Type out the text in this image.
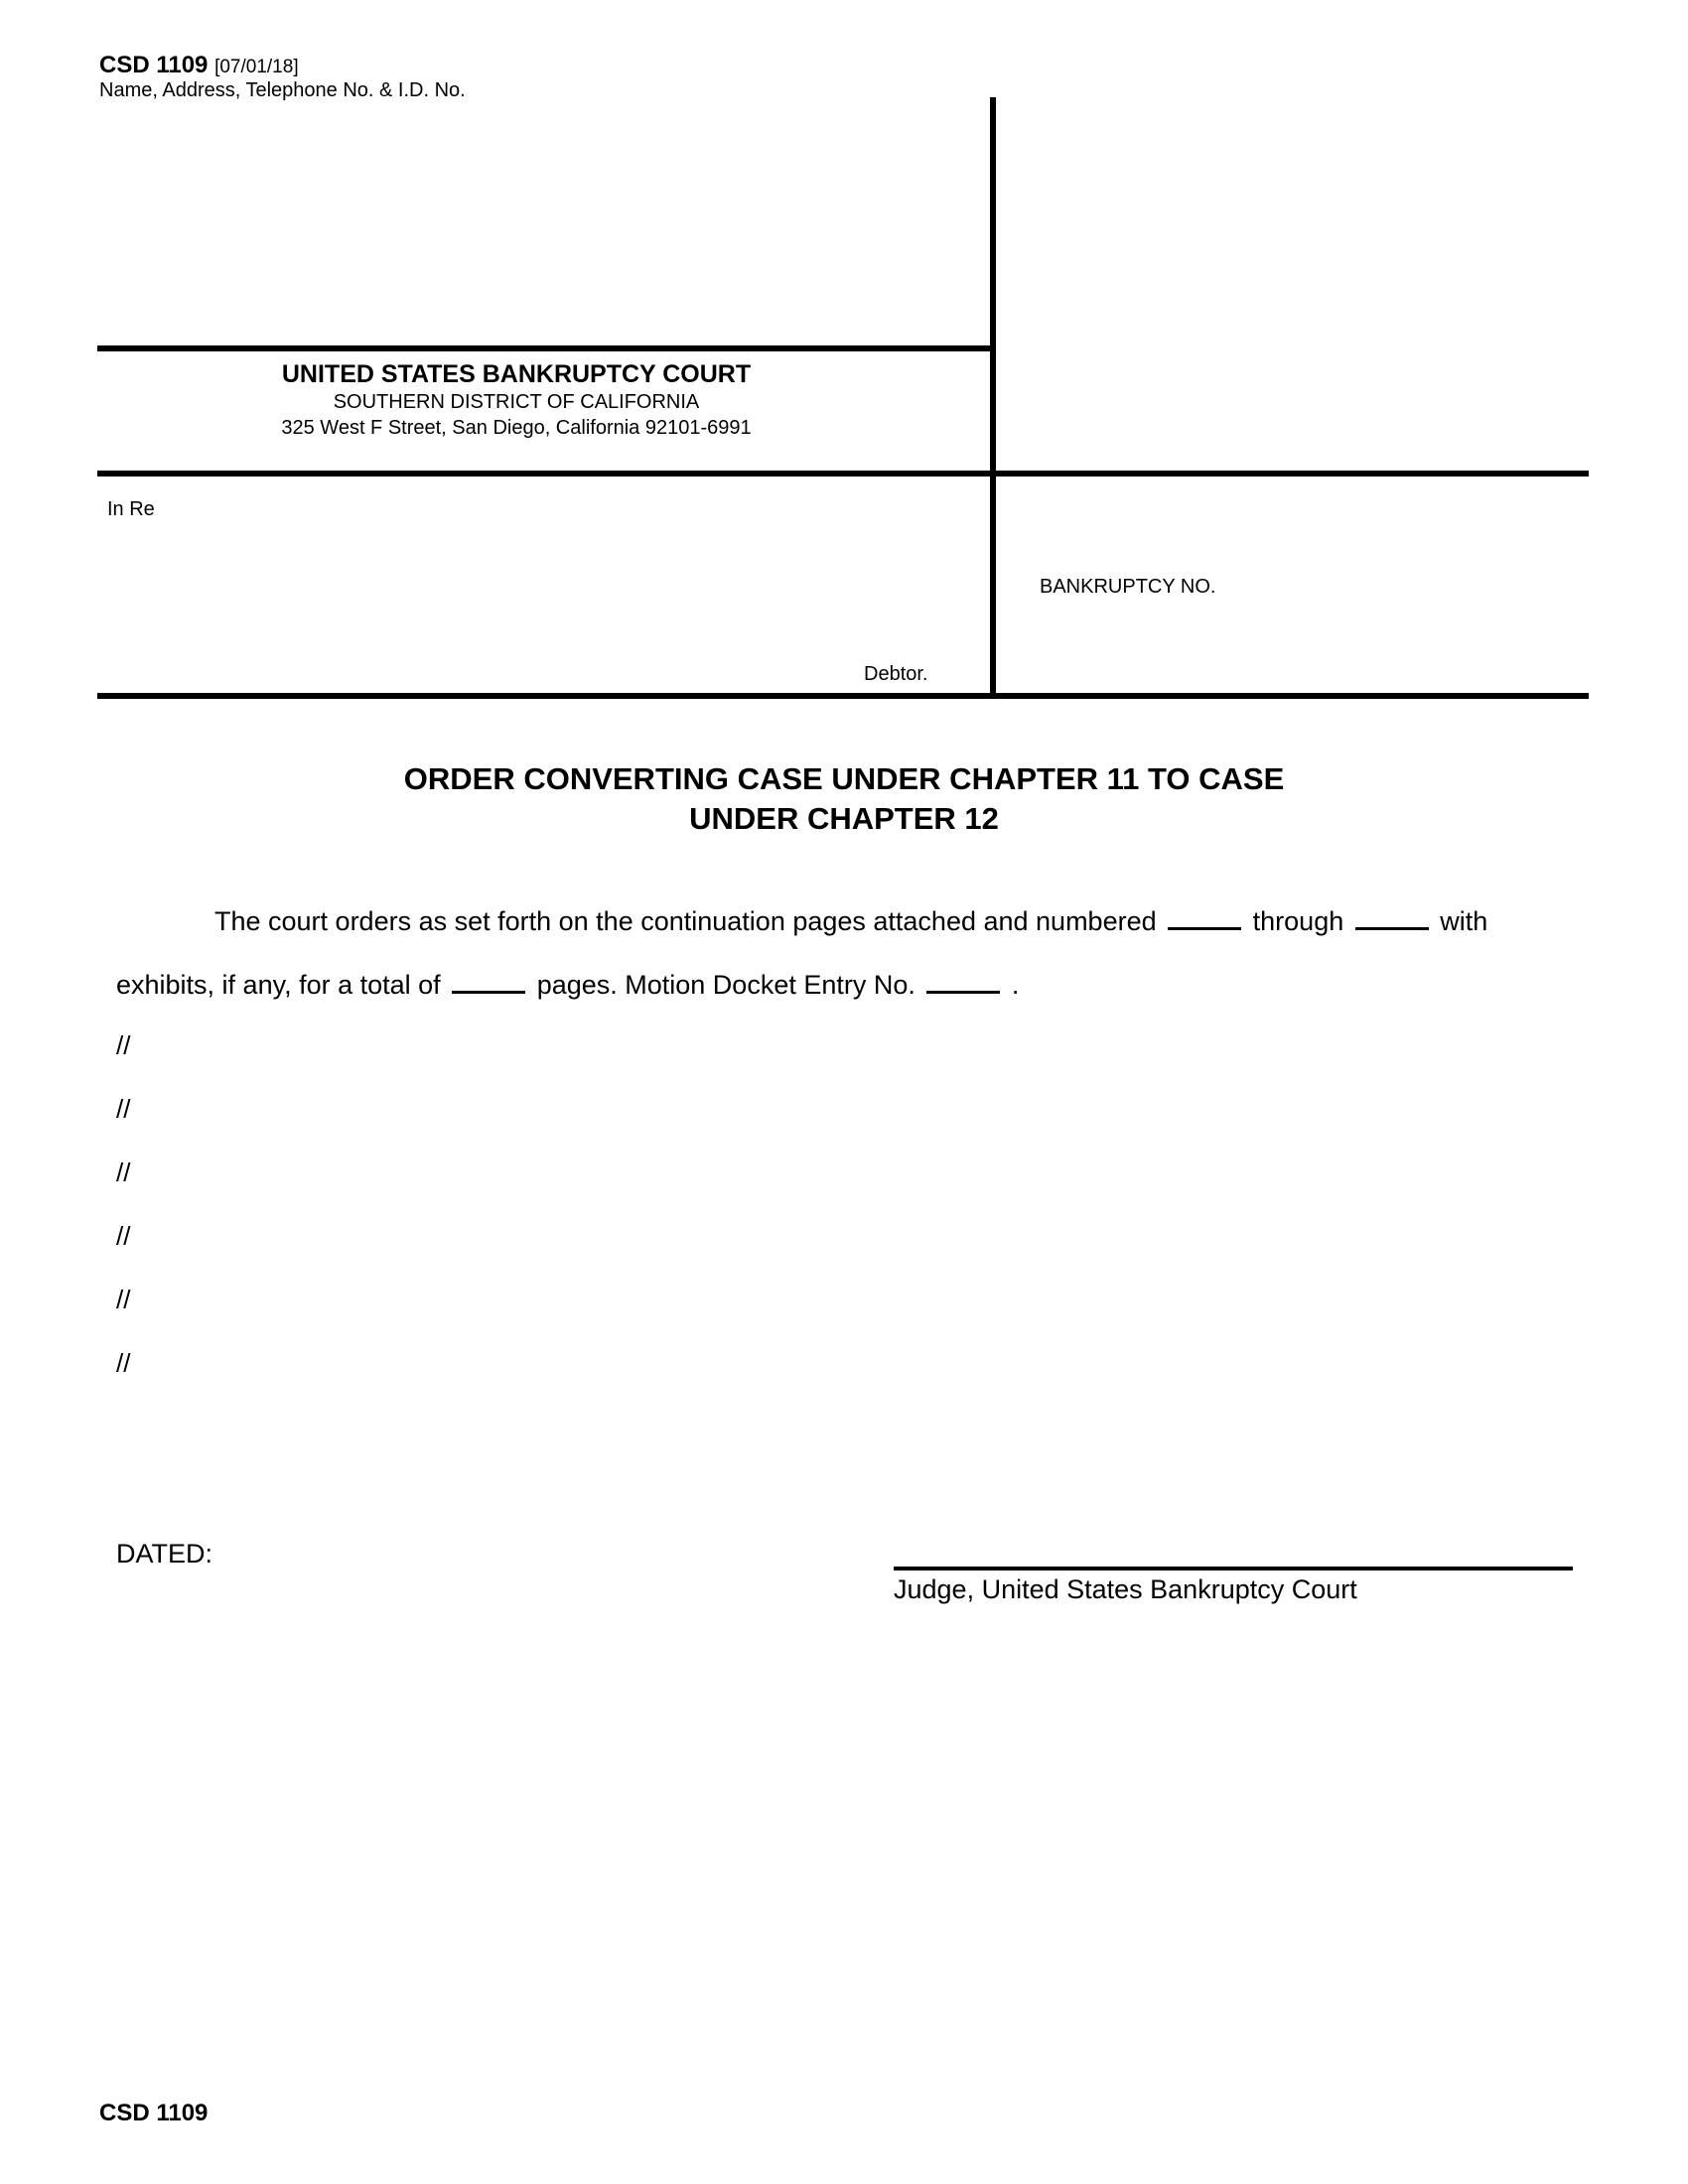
CSD 1109 [07/01/18]
Name, Address, Telephone No. & I.D. No.
UNITED STATES BANKRUPTCY COURT
SOUTHERN DISTRICT OF CALIFORNIA
325 West F Street, San Diego, California 92101-6991
In Re
Debtor.
BANKRUPTCY NO.
ORDER CONVERTING CASE UNDER CHAPTER 11 TO CASE
UNDER CHAPTER 12
The court orders as set forth on the continuation pages attached and numbered	through	with
exhibits, if any, for a total of	pages. Motion Docket Entry No.	.
//
//
//
//
//
//
DATED:
Judge, United States Bankruptcy Court
CSD 1109
